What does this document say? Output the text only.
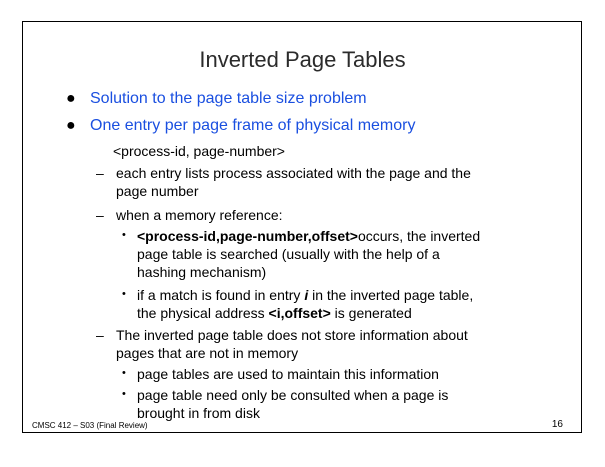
Inverted Page Tables
● Solution to the page table size problem
● One entry per page frame of physical memory
<process-id, page-number>
– each entry lists process associated with the page and the
page number
– when a memory reference:
• <process-id,page-number,offset>occurs, the inverted
page table is searched (usually with the help of a
hashing mechanism)
• if a match is found in entry i in the inverted page table,
the physical address <i,offset> is generated
– The inverted page table does not store information about
pages that are not in memory
• page tables are used to maintain this information
• page table need only be consulted when a page is
brought in from disk
CMSC 412 – S03 (Final Review)	16
